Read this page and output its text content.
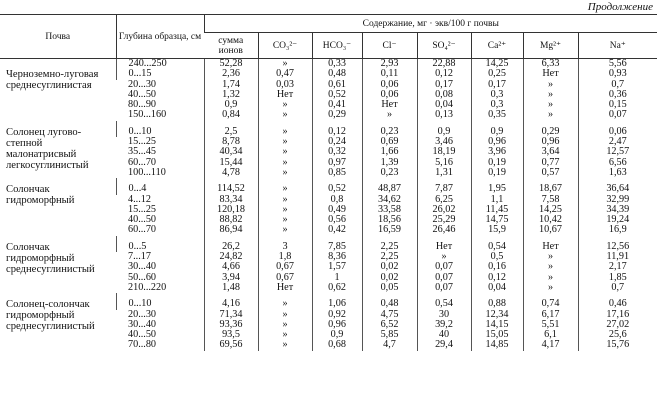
Продолжение
Почва	Глубина образца, см	Содержание, мг · экв/100 г почвы							
		сумма ионов	CO₃²⁻	HCO₃⁻	Cl⁻	SO₄²⁻	Ca²⁺	Mg²⁺	Na⁺
	240...250	52,28	»	0,33	2,93	22,88	14,25	6,33	5,56
Черноземно-луговая среднесуглинистая	0...15	2,36	0,47	0,48	0,11	0,12	0,25	Нет	0,93
	20...30	1,74	0,03	0,61	0,06	0,17	0,17	»	0,7
	40...50	1,32	Нет	0,52	0,06	0,08	0,3	»	0,36
	80...90	0,9	»	0,41	Нет	0,04	0,3	»	0,15
	150...160	0,84	»	0,29	»	0,13	0,35	»	0,07

Солонец лугово-степной малонатрисвый легкосуглинистый	0...10	2,5	»	0,12	0,23	0,9	0,9	0,29	0,06
	15...25	8,78	»	0,24	0,69	3,46	0,96	0,96	2,47
	35...45	40,34	»	0,32	1,66	18,19	3,96	3,64	12,57
	60...70	15,44	»	0,97	1,39	5,16	0,19	0,77	6,56
	100...110	4,78	»	0,85	0,23	1,31	0,19	0,57	1,63

Солончак гидроморфный	0...4	114,52	»	0,52	48,87	7,87	1,95	18,67	36,64
	4...12	83,34	»	0,8	34,62	6,25	1,1	7,58	32,99
	15...25	120,18	»	0,49	33,58	26,02	11,45	14,25	34,39
	40...50	88,82	»	0,56	18,56	25,29	14,75	10,42	19,24
	60...70	86,94	»	0,42	16,59	26,46	15,9	10,67	16,9

Солончак гидроморфный среднесуглинистый	0...5	26,2	3	7,85	2,25	Нет	0,54	Нет	12,56
	7...17	24,82	1,8	8,36	2,25	»	0,5	»	11,91
	30...40	4,66	0,67	1,57	0,02	0,07	0,16	»	2,17
	50...60	3,94	0,67	1	0,02	0,07	0,12	»	1,85
	210...220	1,48	Нет	0,62	0,05	0,07	0,04	»	0,7

Солонец-солончак гидроморфный среднесуглинистый	0...10	4,16	»	1,06	0,48	0,54	0,88	0,74	0,46
	20...30	71,34	»	0,92	4,75	30	12,34	6,17	17,16
	30...40	93,36	»	0,96	6,52	39,2	14,15	5,51	27,02
	40...50	93,5	»	0,9	5,85	40	15,05	6,1	25,6
	70...80	69,56	»	0,68	4,7	29,4	14,85	4,17	15,76
